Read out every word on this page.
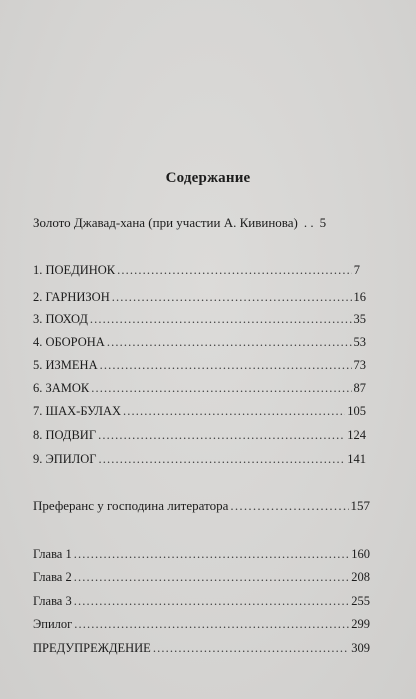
Содержание
Золото Джавад-хана (при участии А. Кивинова) . . 5
1. ПОЕДИНОК . . .	7
2. ГАРНИЗОН . . .	16
3. ПОХОД . . .	35
4. ОБОРОНА . . .	53
5. ИЗМЕНА . . .	73
6. ЗАМОК . . .	87
7. ШАХ-БУЛАХ . . .	105
8. ПОДВИГ . . .	124
9. ЭПИЛОГ . . .	141
Преферанс у господина литератора . . .	157
Глава 1 . . .	160
Глава 2 . . .	208
Глава 3 . . .	255
Эпилог . . .	299
ПРЕДУПРЕЖДЕНИЕ . . .	309
